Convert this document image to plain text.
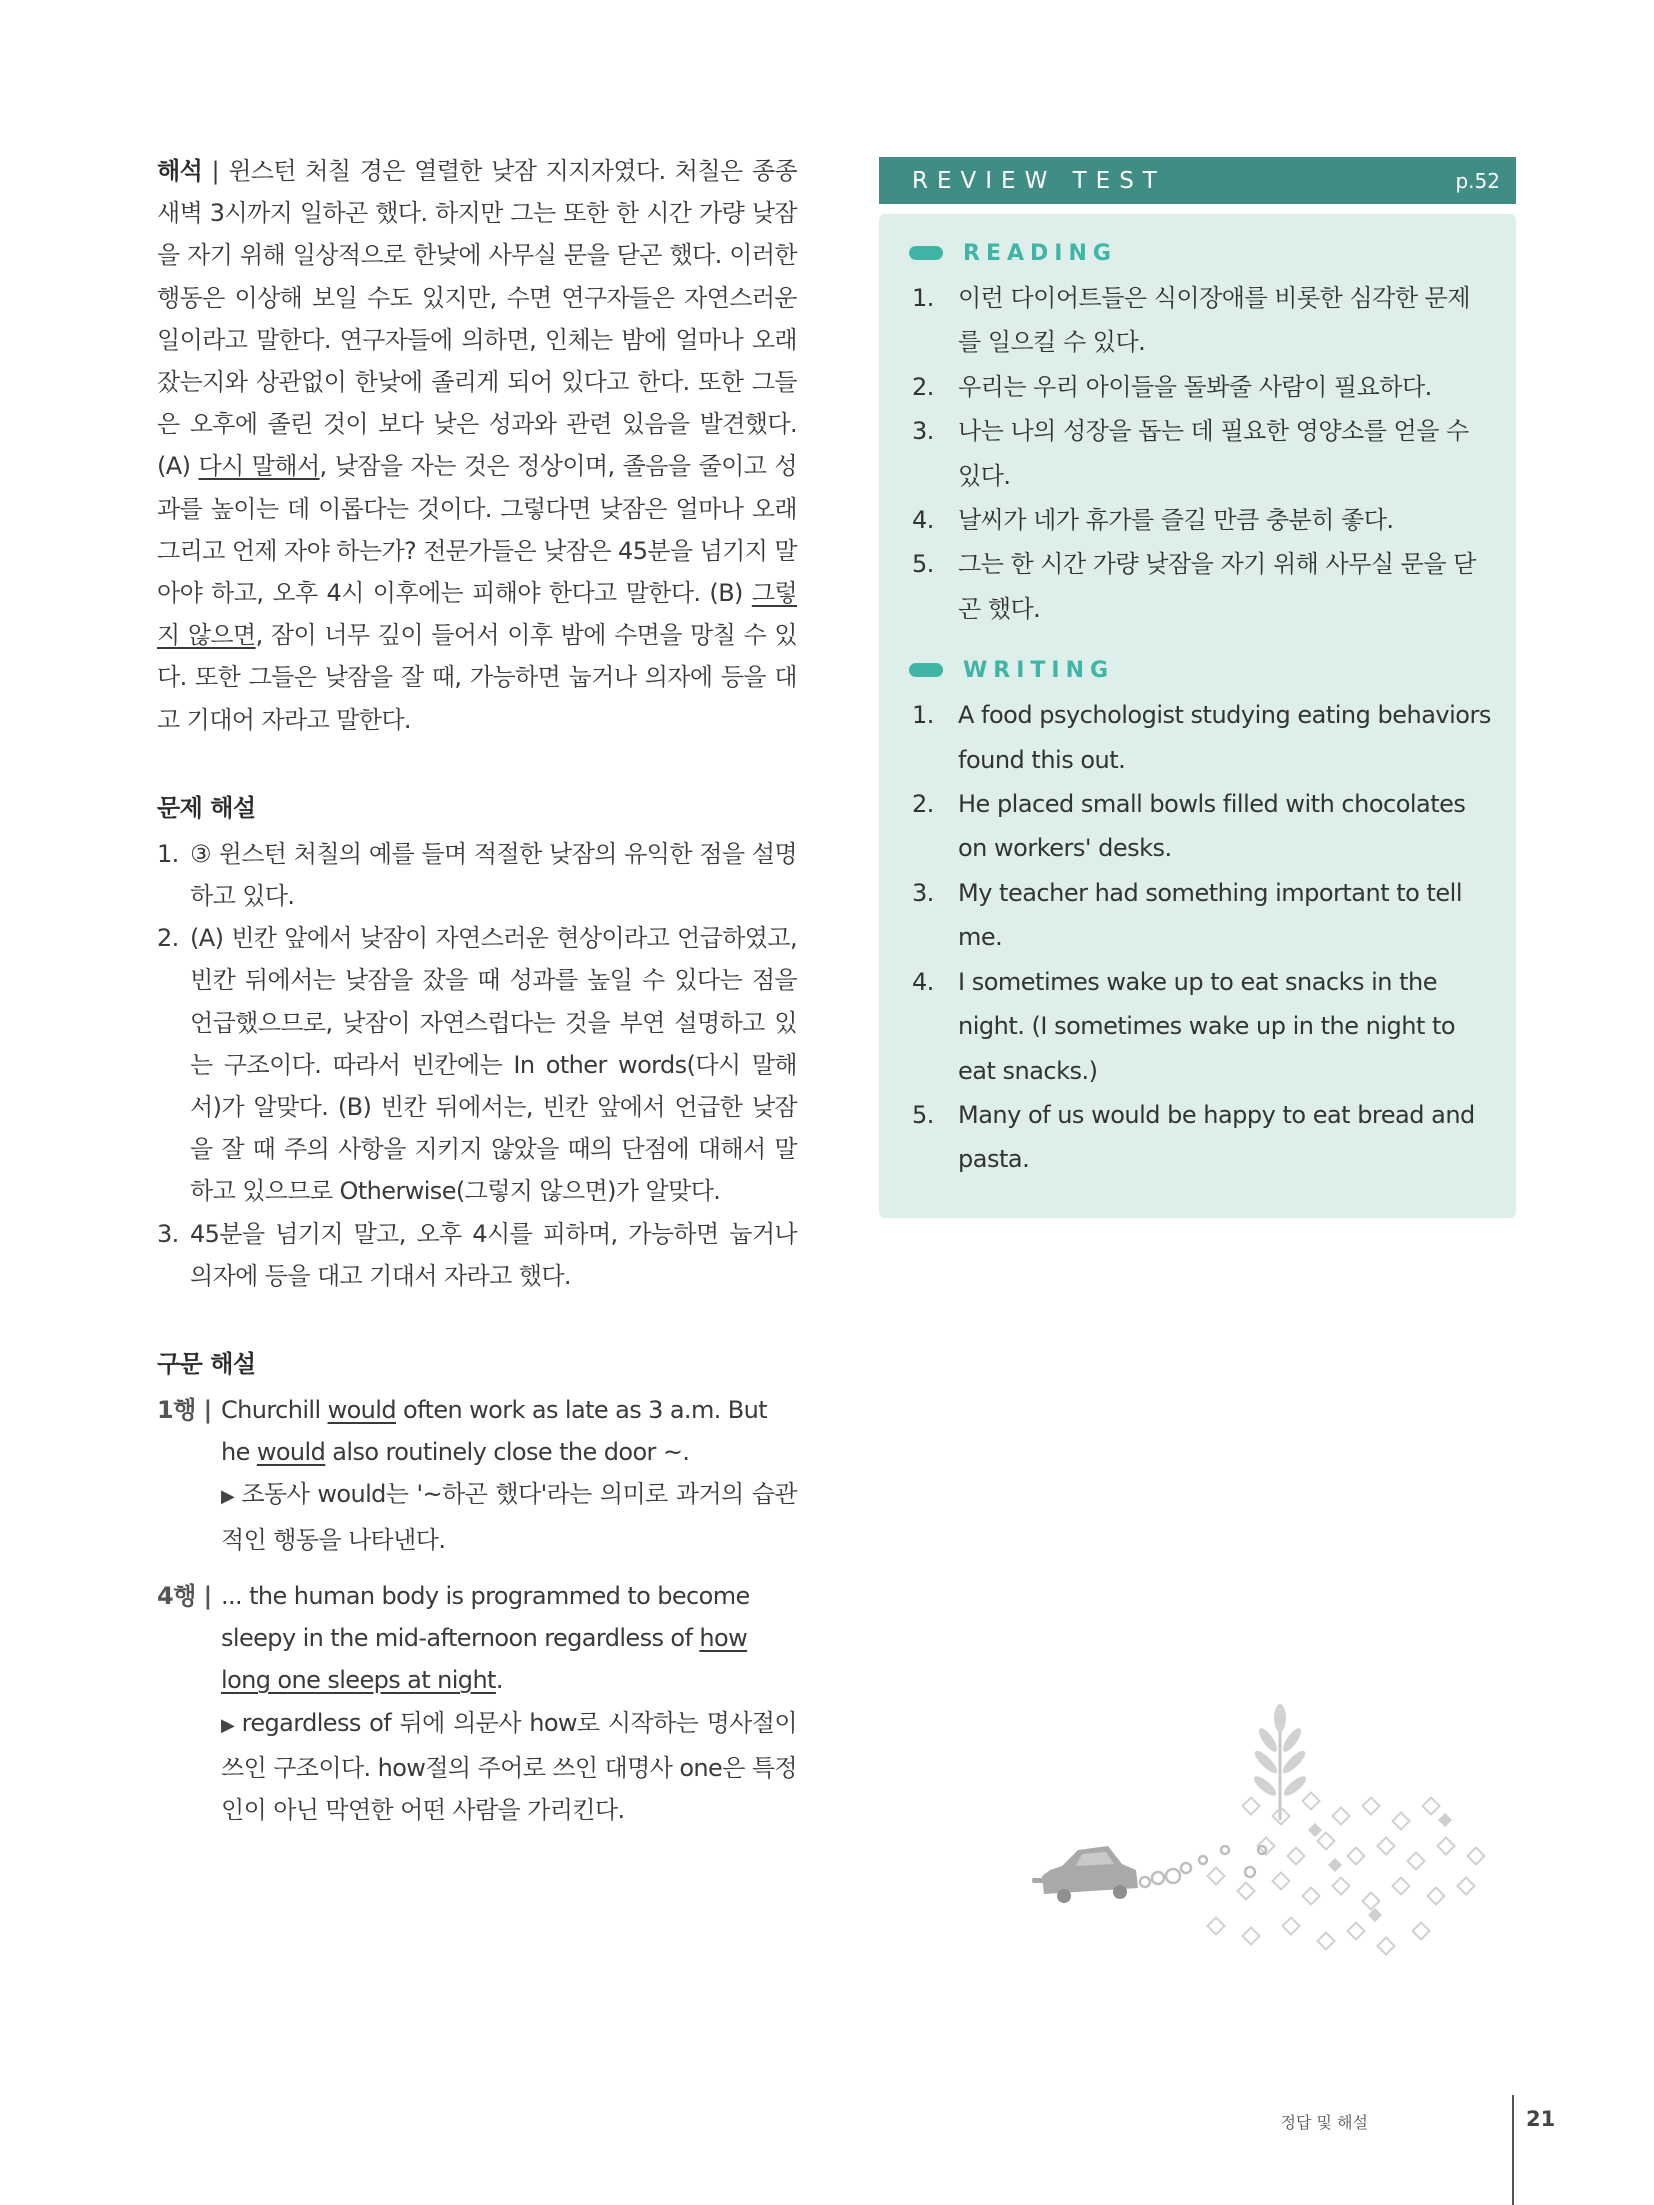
해석 | 윈스턴 처칠 경은 열렬한 낮잠 지지자였다. 처칠은 종종 새벽 3시까지 일하곤 했다. 하지만 그는 또한 한 시간 가량 낮잠을 자기 위해 일상적으로 한낮에 사무실 문을 닫곤 했다. 이러한 행동은 이상해 보일 수도 있지만, 수면 연구자들은 자연스러운 일이라고 말한다. 연구자들에 의하면, 인체는 밤에 얼마나 오래 잤는지와 상관없이 한낮에 졸리게 되어 있다고 한다. 또한 그들은 오후에 졸린 것이 보다 낮은 성과와 관련 있음을 발견했다. (A) 다시 말해서, 낮잠을 자는 것은 정상이며, 졸음을 줄이고 성과를 높이는 데 이롭다는 것이다. 그렇다면 낮잠은 얼마나 오래 그리고 언제 자야 하는가? 전문가들은 낮잠은 45분을 넘기지 말아야 하고, 오후 4시 이후에는 피해야 한다고 말한다. (B) 그렇지 않으면, 잠이 너무 깊이 들어서 이후 밤에 수면을 망칠 수 있다. 또한 그들은 낮잠을 잘 때, 가능하면 눕거나 의자에 등을 대고 기대어 자라고 말한다.

문제 해설
1. ③ 윈스턴 처칠의 예를 들며 적절한 낮잠의 유익한 점을 설명하고 있다.
2. (A) 빈칸 앞에서 낮잠이 자연스러운 현상이라고 언급하였고, 빈칸 뒤에서는 낮잠을 잤을 때 성과를 높일 수 있다는 점을 언급했으므로, 낮잠이 자연스럽다는 것을 부연 설명하고 있는 구조이다. 따라서 빈칸에는 In other words(다시 말해서)가 알맞다. (B) 빈칸 뒤에서는, 빈칸 앞에서 언급한 낮잠을 잘 때 주의 사항을 지키지 않았을 때의 단점에 대해서 말하고 있으므로 Otherwise(그렇지 않으면)가 알맞다.
3. 45분을 넘기지 말고, 오후 4시를 피하며, 가능하면 눕거나 의자에 등을 대고 기대서 자라고 했다.
구문 해설
1행 | Churchill would often work as late as 3 a.m. But he would also routinely close the door ~.
▶ 조동사 would는 '~하곤 했다'라는 의미로 과거의 습관적인 행동을 나타낸다.
4행 | ... the human body is programmed to become sleepy in the mid-afternoon regardless of how long one sleeps at night.
▶ regardless of 뒤에 의문사 how로 시작하는 명사절이 쓰인 구조이다. how절의 주어로 쓰인 대명사 one은 특정인이 아닌 막연한 어떤 사람을 가리킨다.
REVIEW TEST	p.52
READING
1.	이런 다이어트들은 식이장애를 비롯한 심각한 문제를 일으킬 수 있다.
2.	우리는 우리 아이들을 돌봐줄 사람이 필요하다.
3.	나는 나의 성장을 돕는 데 필요한 영양소를 얻을 수 있다.
4.	날씨가 네가 휴가를 즐길 만큼 충분히 좋다.
5.	그는 한 시간 가량 낮잠을 자기 위해 사무실 문을 닫곤 했다.
WRITING
1.	A food psychologist studying eating behaviors found this out.
2.	He placed small bowls filled with chocolates on workers' desks.
3.	My teacher had something important to tell me.
4.	I sometimes wake up to eat snacks in the night. (I sometimes wake up in the night to eat snacks.)
5.	Many of us would be happy to eat bread and pasta.
정답 및 해설	21
